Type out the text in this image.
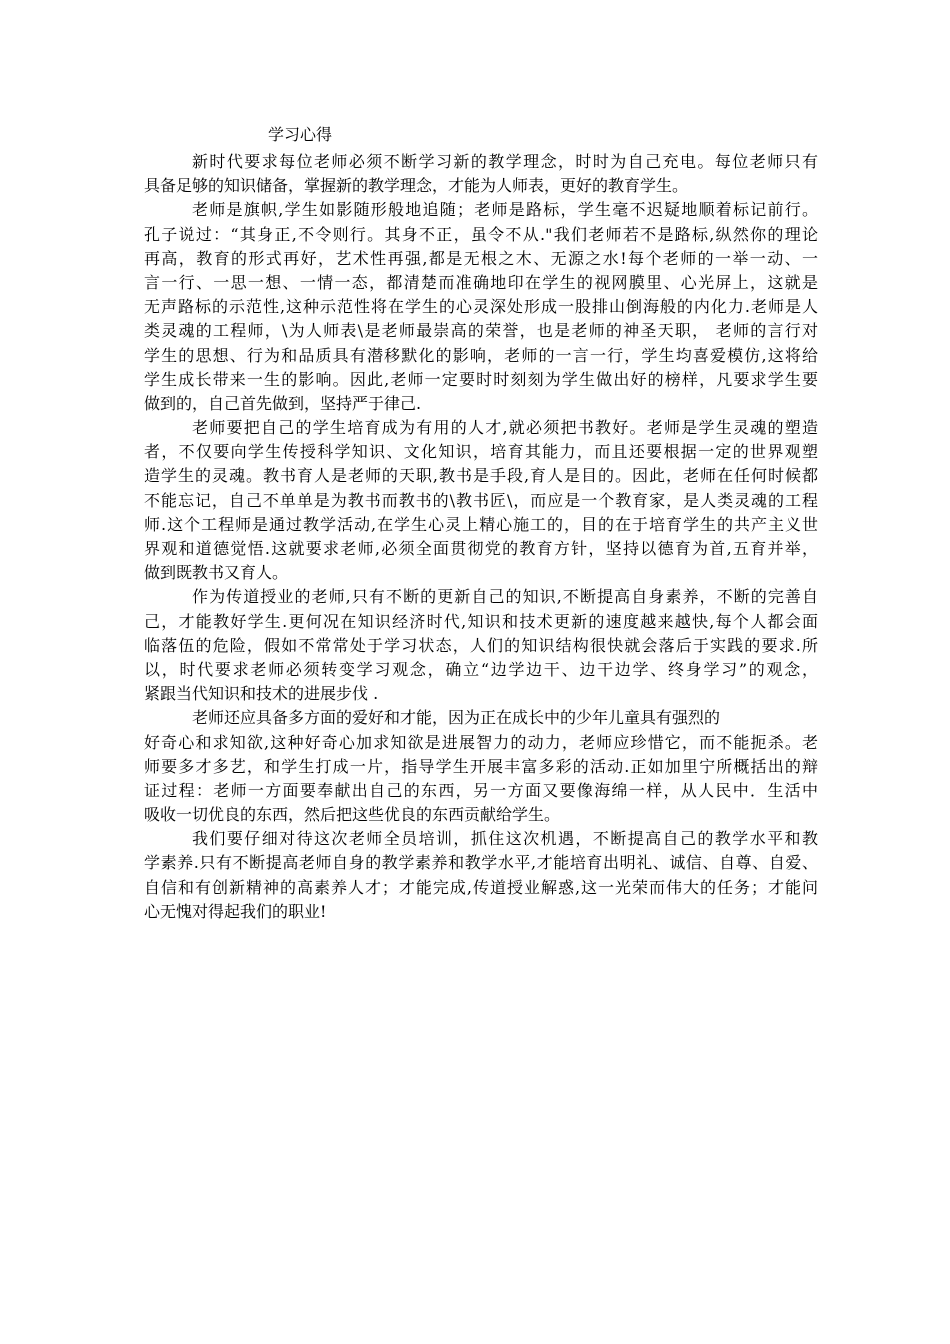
学习心得
新时代要求每位老师必须不断学习新的教学理念，时时为自己充电。每位老师只有
具备足够的知识储备，掌握新的教学理念，才能为人师表，更好的教育学生。
老师是旗帜,学生如影随形般地追随；老师是路标，学生毫不迟疑地顺着标记前行。
孔子说过：“其身正,不令则行。其身不正，虽令不从."我们老师若不是路标,纵然你的理论
再高，教育的形式再好，艺术性再强,都是无根之木、无源之水!每个老师的一举一动、一
言一行、一思一想、一情一态，都清楚而准确地印在学生的视网膜里、心光屏上，这就是
无声路标的示范性,这种示范性将在学生的心灵深处形成一股排山倒海般的内化力.老师是人
类灵魂的工程师，\为人师表\是老师最崇高的荣誉，也是老师的神圣天职， 老师的言行对
学生的思想、行为和品质具有潜移默化的影响，老师的一言一行，学生均喜爱模仿,这将给
学生成长带来一生的影响。因此,老师一定要时时刻刻为学生做出好的榜样，凡要求学生要
做到的，自己首先做到，坚持严于律己.
老师要把自己的学生培育成为有用的人才,就必须把书教好。老师是学生灵魂的塑造
者，不仅要向学生传授科学知识、文化知识，培育其能力，而且还要根据一定的世界观塑
造学生的灵魂。教书育人是老师的天职,教书是手段,育人是目的。因此，老师在任何时候都
不能忘记，自己不单单是为教书而教书的\教书匠\，而应是一个教育家，是人类灵魂的工程
师.这个工程师是通过教学活动,在学生心灵上精心施工的，目的在于培育学生的共产主义世
界观和道德觉悟.这就要求老师,必须全面贯彻党的教育方针，坚持以德育为首,五育并举，
做到既教书又育人。
作为传道授业的老师,只有不断的更新自己的知识,不断提高自身素养，不断的完善自
己，才能教好学生.更何况在知识经济时代,知识和技术更新的速度越来越快,每个人都会面
临落伍的危险，假如不常常处于学习状态，人们的知识结构很快就会落后于实践的要求.所
以，时代要求老师必须转变学习观念，确立“边学边干、边干边学、终身学习”的观念，
紧跟当代知识和技术的进展步伐 .
老师还应具备多方面的爱好和才能，因为正在成长中的少年儿童具有强烈的
好奇心和求知欲,这种好奇心加求知欲是进展智力的动力，老师应珍惜它，而不能扼杀。老
师要多才多艺，和学生打成一片，指导学生开展丰富多彩的活动.正如加里宁所概括出的辩
证过程：老师一方面要奉献出自己的东西，另一方面又要像海绵一样，从人民中．生活中
吸收一切优良的东西，然后把这些优良的东西贡献给学生。
我们要仔细对待这次老师全员培训，抓住这次机遇，不断提高自己的教学水平和教
学素养.只有不断提高老师自身的教学素养和教学水平,才能培育出明礼、诚信、自尊、自爱、
自信和有创新精神的高素养人才；才能完成,传道授业解惑,这一光荣而伟大的任务；才能问
心无愧对得起我们的职业!
